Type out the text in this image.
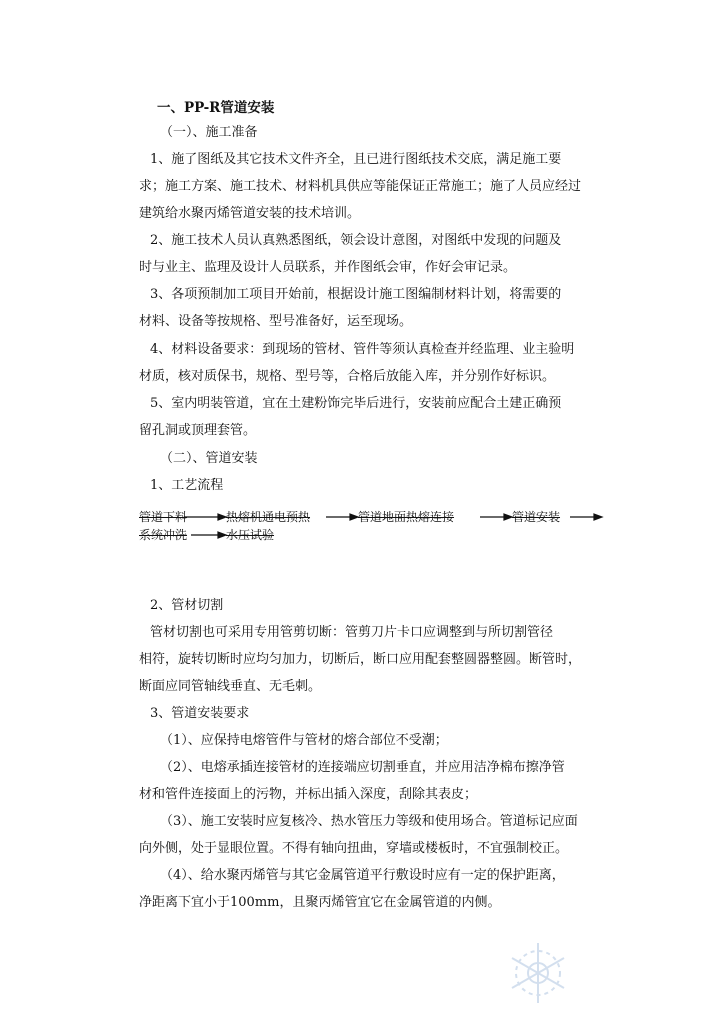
一、PP-R管道安装
（一）、施工准备
1、施了图纸及其它技术文件齐全，且已进行图纸技术交底，满足施工要
求；施工方案、施工技术、材料机具供应等能保证正常施工；施了人员应经过
建筑给水聚丙烯管道安装的技术培训。
2、施工技术人员认真熟悉图纸，领会设计意图，对图纸中发现的问题及
时与业主、监理及设计人员联系，并作图纸会审，作好会审记录。
3、各项预制加工项目开始前，根据设计施工图编制材料计划，将需要的
材料、设备等按规格、型号准备好，运至现场。
4、材料设备要求：到现场的管材、管件等须认真检查并经监理、业主验明
材质，核对质保书，规格、型号等，合格后放能入库，并分别作好标识。
5、室内明装管道，宜在土建粉饰完毕后进行，安装前应配合土建正确预
留孔洞或顶理套管。
（二）、管道安装
1、工艺流程
管道下料	热熔机通电预热	管道地面热熔连接	管道安装
系统冲洗	水压试验
2、管材切割
管材切割也可采用专用管剪切断：管剪刀片卡口应调整到与所切割管径
相符，旋转切断时应均匀加力，切断后，断口应用配套整圆器整圆。断管时，
断面应同管轴线垂直、无毛刺。
3、管道安装要求
（1）、应保持电熔管件与管材的熔合部位不受潮；
（2）、电熔承插连接管材的连接端应切割垂直，并应用洁净棉布擦净管
材和管件连接面上的污物，并标出插入深度，刮除其表皮；
（3）、施工安装时应复核冷、热水管压力等级和使用场合。管道标记应面
向外侧，处于显眼位置。不得有轴向扭曲，穿墙或楼板时，不宜强制校正。
（4）、给水聚丙烯管与其它金属管道平行敷设时应有一定的保护距离，
净距离下宜小于100mm，且聚丙烯管宜它在金属管道的内侧。
